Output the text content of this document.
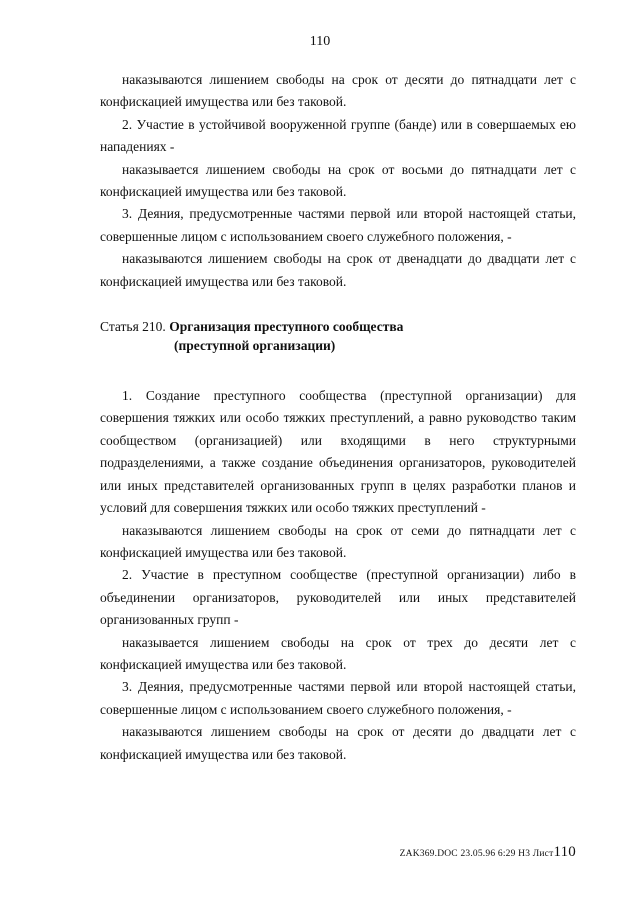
110

наказываются лишением свободы на срок от десяти до пятнадцати лет с конфискацией имущества или без таковой.

2. Участие в устойчивой вооруженной группе (банде) или в совершаемых ею нападениях -

наказывается лишением свободы на срок от восьми до пятнадцати лет с конфискацией имущества или без таковой.

3. Деяния, предусмотренные частями первой или второй настоящей статьи, совершенные лицом с использованием своего служебного положения, -

наказываются лишением свободы на срок от двенадцати до двадцати лет с конфискацией имущества или без таковой.

Статья 210. Организация преступного сообщества
(преступной организации)

1. Создание преступного сообщества (преступной организации) для совершения тяжких или особо тяжких преступлений, а равно руководство таким сообществом (организацией) или входящими в него структурными подразделениями, а также создание объединения организаторов, руководителей или иных представителей организованных групп в целях разработки планов и условий для совершения тяжких или особо тяжких преступлений -

наказываются лишением свободы на срок от семи до пятнадцати лет с конфискацией имущества или без таковой.

2. Участие в преступном сообществе (преступной организации) либо в объединении организаторов, руководителей или иных представителей организованных групп -

наказывается лишением свободы на срок от трех до десяти лет с конфискацией имущества или без таковой.

3. Деяния, предусмотренные частями первой или второй настоящей статьи, совершенные лицом с использованием своего служебного положения, -

наказываются лишением свободы на срок от десяти до двадцати лет с конфискацией имущества или без таковой.

ZAK369.DOC 23.05.96 6:29 Н3 Лист110
